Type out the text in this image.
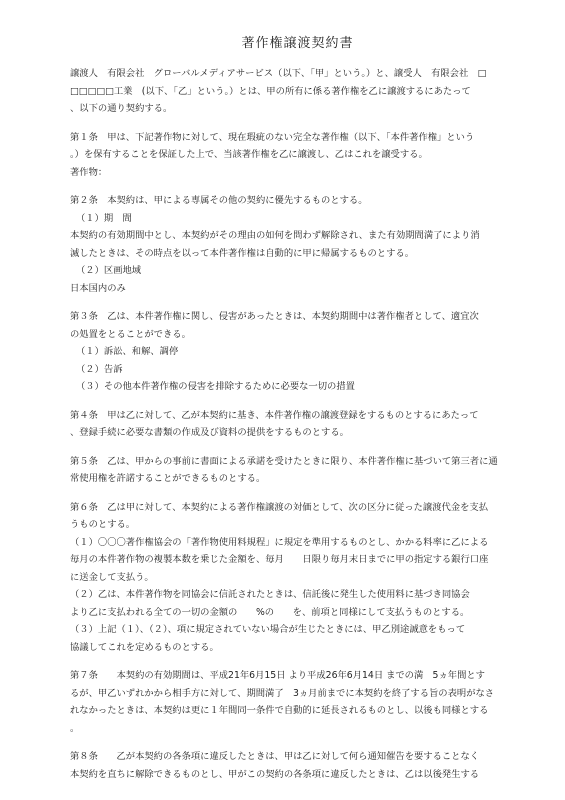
著作権譲渡契約書

譲渡人　有限会社　グローバルメディアサービス（以下、「甲」という。）と、譲受人　有限会社　□

□□□□□工業　(以下、「乙」という。）とは、甲の所有に係る著作権を乙に譲渡するにあたって

、以下の通り契約する。

第１条　甲は、下記著作物に対して、現在瑕疵のない完全な著作権（以下、「本件著作権」という

。）を保有することを保証した上で、当該著作権を乙に譲渡し、乙はこれを譲受する。

著作物：

第２条　本契約は、甲による専属その他の契約に優先するものとする。

（１）期　間

本契約の有効期間中とし、本契約がその理由の如何を問わず解除され、また有効期間満了により消

滅したときは、その時点を以って本件著作権は自動的に甲に帰属するものとする。

（２）区画地域

日本国内のみ

第３条　乙は、本件著作権に関し、侵害があったときは、本契約期間中は著作権者として、適宜次

の処置をとることができる。

（１）訴訟、和解、調停

（２）告訴

（３）その他本件著作権の侵害を排除するために必要な一切の措置

第４条　甲は乙に対して、乙が本契約に基き、本件著作権の譲渡登録をするものとするにあたって

、登録手続に必要な書類の作成及び資料の提供をするものとする。

第５条　乙は、甲からの事前に書面による承諾を受けたときに限り、本件著作権に基づいて第三者に通

常使用権を許諾することができるものとする。

第６条　乙は甲に対して、本契約による著作権譲渡の対価として、次の区分に従った譲渡代金を支払

うものとする。

（１）〇〇〇著作権協会の「著作物使用料規程」に規定を準用するものとし、かかる料率に乙による

毎月の本件著作物の複製本数を乗じた金額を、毎月　　日限り毎月末日までに甲の指定する銀行口座

に送金して支払う。

（２）乙は、本件著作物を同協会に信託されたときは、信託後に発生した使用料に基づき同協会

より乙に支払われる全ての一切の金額の　　%の　　を、前項と同様にして支払うものとする。

（３）上記（１）、（２）、項に規定されていない場合が生じたときには、甲乙別途誠意をもって

協議してこれを定めるものとする。

第７条　　本契約の有効期間は、平成21年6月15日 より平成26年6月14日 までの満　5ヵ年間とす

るが、甲乙いずれかから相手方に対して、期間満了　3ヵ月前までに本契約を終了する旨の表明がなさ

れなかったときは、本契約は更に１年間同一条件で自動的に延長されるものとし、以後も同様とする

。

第８条　　乙が本契約の各条項に違反したときは、甲は乙に対して何ら通知催告を要することなく

本契約を直ちに解除できるものとし、甲がこの契約の各条項に違反したときは、乙は以後発生する
